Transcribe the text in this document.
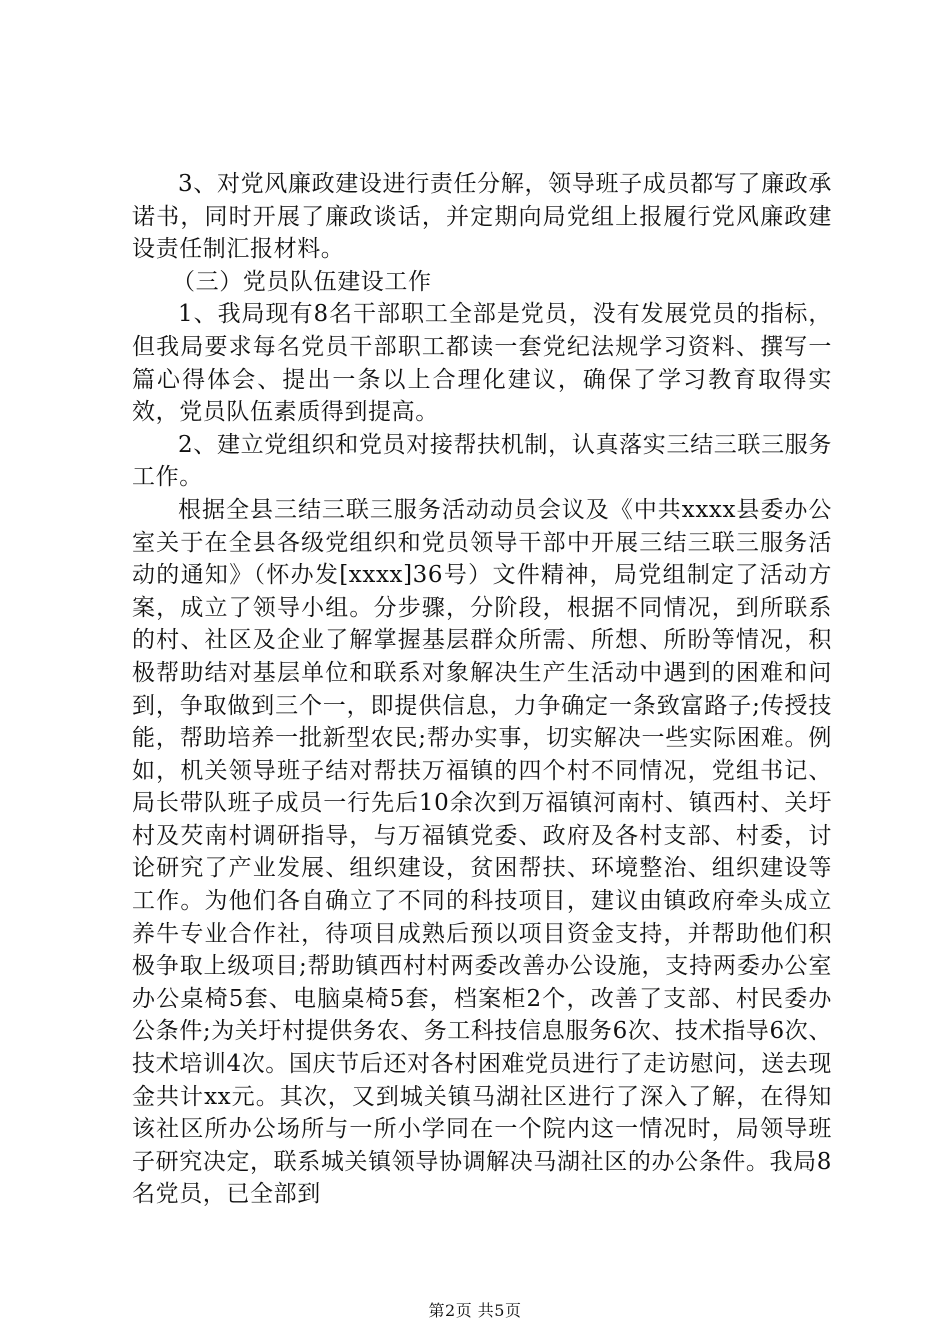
3、对党风廉政建设进行责任分解，领导班子成员都写了廉政承诺书，同时开展了廉政谈话，并定期向局党组上报履行党风廉政建设责任制汇报材料。

（三）党员队伍建设工作

1、我局现有8名干部职工全部是党员，没有发展党员的指标，但我局要求每名党员干部职工都读一套党纪法规学习资料、撰写一篇心得体会、提出一条以上合理化建议，确保了学习教育取得实效，党员队伍素质得到提高。

2、建立党组织和党员对接帮扶机制，认真落实三结三联三服务工作。

根据全县三结三联三服务活动动员会议及《中共xxxx县委办公室关于在全县各级党组织和党员领导干部中开展三结三联三服务活动的通知》（怀办发[xxxx]36号）文件精神，局党组制定了活动方案，成立了领导小组。分步骤，分阶段，根据不同情况，到所联系的村、社区及企业了解掌握基层群众所需、所想、所盼等情况，积极帮助结对基层单位和联系对象解决生产生活动中遇到的困难和问到，争取做到三个一，即提供信息，力争确定一条致富路子;传授技能，帮助培养一批新型农民;帮办实事，切实解决一些实际困难。例如，机关领导班子结对帮扶万福镇的四个村不同情况，党组书记、局长带队班子成员一行先后10余次到万福镇河南村、镇西村、关圩村及芡南村调研指导，与万福镇党委、政府及各村支部、村委，讨论研究了产业发展、组织建设，贫困帮扶、环境整治、组织建设等工作。为他们各自确立了不同的科技项目，建议由镇政府牵头成立养牛专业合作社，待项目成熟后预以项目资金支持，并帮助他们积极争取上级项目;帮助镇西村村两委改善办公设施，支持两委办公室办公桌椅5套、电脑桌椅5套，档案柜2个，改善了支部、村民委办公条件;为关圩村提供务农、务工科技信息服务6次、技术指导6次、技术培训4次。国庆节后还对各村困难党员进行了走访慰问，送去现金共计xx元。其次，又到城关镇马湖社区进行了深入了解，在得知该社区所办公场所与一所小学同在一个院内这一情况时，局领导班子研究决定，联系城关镇领导协调解决马湖社区的办公条件。我局8名党员，已全部到

第2页 共5页
